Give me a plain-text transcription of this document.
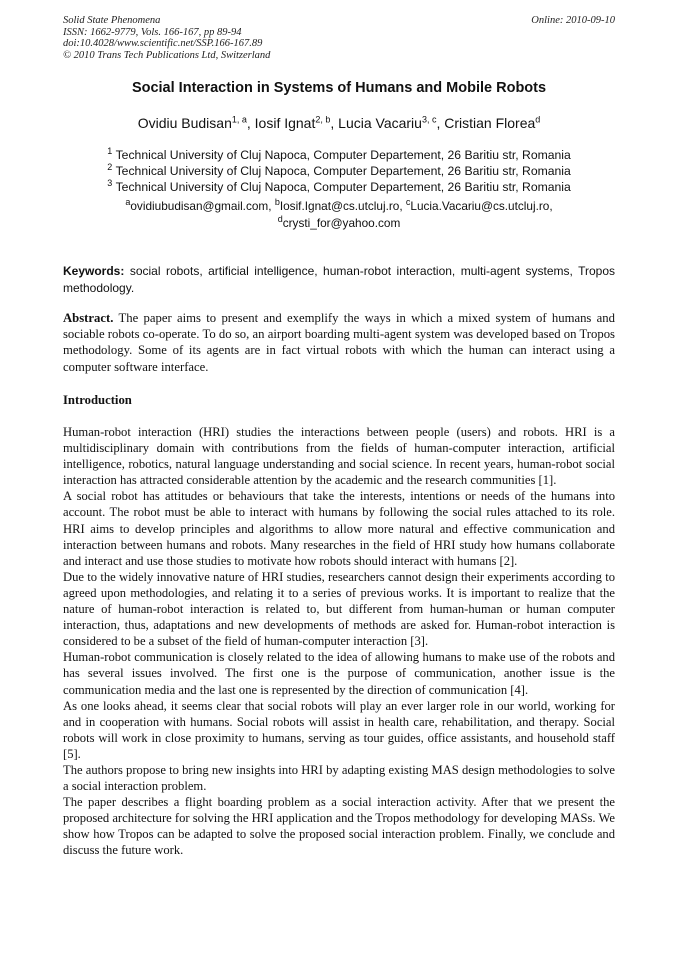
Solid State Phenomena
ISSN: 1662-9779, Vols. 166-167, pp 89-94
doi:10.4028/www.scientific.net/SSP.166-167.89
© 2010 Trans Tech Publications Ltd, Switzerland
Online: 2010-09-10
Social Interaction in Systems of Humans and Mobile Robots
Ovidiu Budisan$^{1, a}$, Iosif Ignat$^{2, b}$, Lucia Vacariu$^{3, c}$, Cristian Florea$^d$
$^1$ Technical University of Cluj Napoca, Computer Departement, 26 Baritiu str, Romania
$^2$ Technical University of Cluj Napoca, Computer Departement, 26 Baritiu str, Romania
$^3$ Technical University of Cluj Napoca, Computer Departement, 26 Baritiu str, Romania
$^a$ovidiubudisan@gmail.com, $^b$Iosif.Ignat@cs.utcluj.ro, $^c$Lucia.Vacariu@cs.utcluj.ro,
$^d$crysti_for@yahoo.com
Keywords: social robots, artificial intelligence, human-robot interaction, multi-agent systems, Tropos methodology.
Abstract. The paper aims to present and exemplify the ways in which a mixed system of humans and sociable robots co-operate. To do so, an airport boarding multi-agent system was developed based on Tropos methodology. Some of its agents are in fact virtual robots with which the human can interact using a computer software interface.
Introduction

Human-robot interaction (HRI) studies the interactions between people (users) and robots. HRI is a multidisciplinary domain with contributions from the fields of human-computer interaction, artificial intelligence, robotics, natural language understanding and social science. In recent years, human-robot social interaction has attracted considerable attention by the academic and the research communities [1].

A social robot has attitudes or behaviours that take the interests, intentions or needs of the humans into account. The robot must be able to interact with humans by following the social rules attached to its role. HRI aims to develop principles and algorithms to allow more natural and effective communication and interaction between humans and robots. Many researches in the field of HRI study how humans collaborate and interact and use those studies to motivate how robots should interact with humans [2].

Due to the widely innovative nature of HRI studies, researchers cannot design their experiments according to agreed upon methodologies, and relating it to a series of previous works. It is important to realize that the nature of human-robot interaction is related to, but different from human-human or human computer interaction, thus, adaptations and new developments of methods are asked for. Human-robot interaction is considered to be a subset of the field of human-computer interaction [3].

Human-robot communication is closely related to the idea of allowing humans to make use of the robots and has several issues involved. The first one is the purpose of communication, another issue is the communication media and the last one is represented by the direction of communication [4].

As one looks ahead, it seems clear that social robots will play an ever larger role in our world, working for and in cooperation with humans. Social robots will assist in health care, rehabilitation, and therapy. Social robots will work in close proximity to humans, serving as tour guides, office assistants, and household staff [5].

The authors propose to bring new insights into HRI by adapting existing MAS design methodologies to solve a social interaction problem.

The paper describes a flight boarding problem as a social interaction activity. After that we present the proposed architecture for solving the HRI application and the Tropos methodology for developing MASs. We show how Tropos can be adapted to solve the proposed social interaction problem. Finally, we conclude and discuss the future work.
